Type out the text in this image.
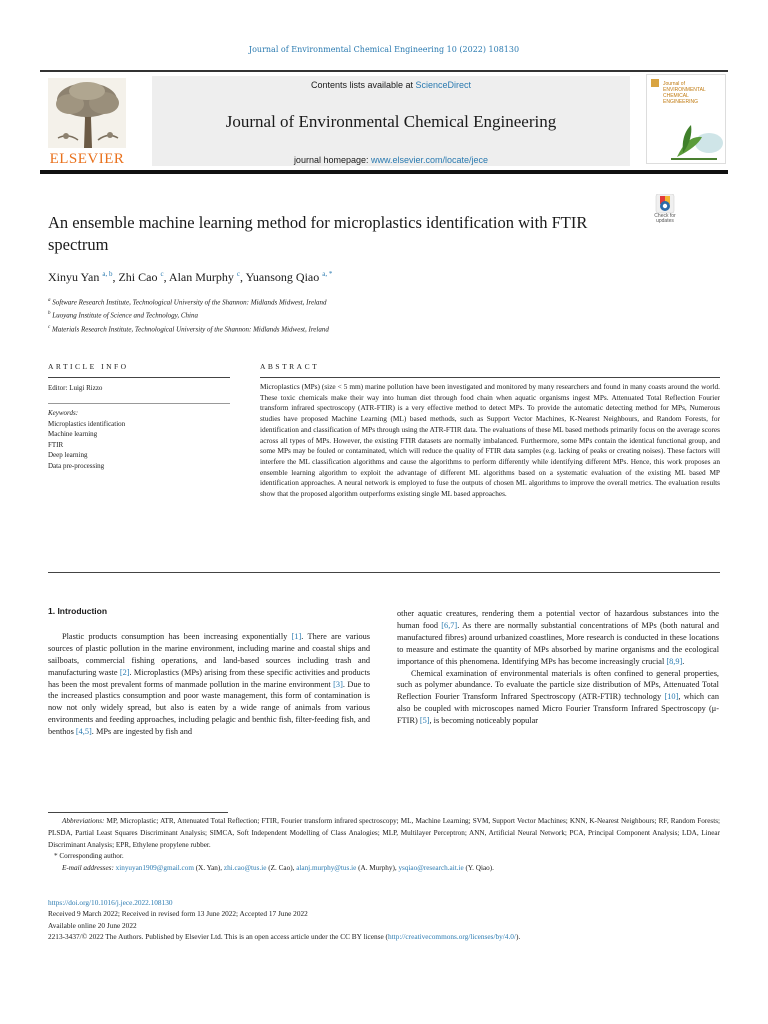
Journal of Environmental Chemical Engineering 10 (2022) 108130
ELSEVIER
Contents lists available at ScienceDirect
Journal of Environmental Chemical Engineering
journal homepage: www.elsevier.com/locate/jece
Journal of
ENVIRONMENTAL
CHEMICAL
ENGINEERING
An ensemble machine learning method for microplastics identification with FTIR spectrum
Check for
updates
Xinyu Yan $^{a, b}$, Zhi Cao $^c$, Alan Murphy $^c$, Yuansong Qiao $^{a, *}$
$^a$ Software Research Institute, Technological University of the Shannon: Midlands Midwest, Ireland
$^b$ Luoyang Institute of Science and Technology, China
$^c$ Materials Research Institute, Technological University of the Shannon: Midlands Midwest, Ireland
ARTICLE INFO
Editor: Luigi Rizzo
Keywords:
Microplastics identification
Machine learning
FTIR
Deep learning
Data pre-processing
ABSTRACT
Microplastics (MPs) (size < 5 mm) marine pollution have been investigated and monitored by many researchers and found in many coasts around the world. These toxic chemicals make their way into human diet through food chain when aquatic organisms ingest MPs. Attenuated Total Reflection Fourier transform infrared spectroscopy (ATR-FTIR) is a very effective method to detect MPs. To provide the automatic detecting method for MPs, Numerous studies have proposed Machine Learning (ML) based methods, such as Support Vector Machines, K-Nearest Neighbours, and Random Forests, for identification and classification of MPs through using the ATR-FTIR data. The evaluations of these ML based methods primarily focus on the average scores across all types of MPs. However, the existing FTIR datasets are normally imbalanced. Furthermore, some MPs contain the identical functional group, and some MPs may be fouled or contaminated, which will reduce the quality of FTIR data samples (e.g. lacking of peaks or creating noises). These factors will interfere the ML classification algorithms and cause the algorithms to perform differently while identifying different MPs. Hence, this work proposes an ensemble learning algorithm to exploit the advantage of different ML algorithms based on a systematic evaluation of the existing ML based MP identification approaches. A neural network is employed to fuse the outputs of chosen ML algorithms to improve the overall metrics. The evaluation results show that the proposed algorithm outperforms existing single ML based approaches.
1. Introduction

Plastic products consumption has been increasing exponentially [1]. There are various sources of plastic pollution in the marine environment, including marine and coastal ships and sailboats, commercial fishing operations, and land-based sources including trash and manufacturing waste [2]. Microplastics (MPs) arising from these specific activities and products has been the most prevalent forms of manmade pollution in the marine environment [3]. Due to the increased plastics consumption and poor waste management, this form of contamination is now not only widely spread, but also is eaten by a wide range of animals from various environments and feeding approaches, including pelagic and benthic fish, filter-feeding fish, and benthos [4,5]. MPs are ingested by fish and

other aquatic creatures, rendering them a potential vector of hazardous substances into the human food [6,7]. As there are normally substantial concentrations of MPs (both natural and manufactured fibres) around urbanized coastlines, More research is conducted in these locations to measure and estimate the quantity of MPs absorbed by marine organisms and the ecological importance of this phenomena. Identifying MPs has become increasingly crucial [8,9].

Chemical examination of environmental materials is often confined to general properties, such as polymer abundance. To evaluate the particle size distribution of MPs, Attenuated Total Reflection Fourier Transform Infrared Spectroscopy (ATR-FTIR) technology [10], which can also be coupled with microscopes named Micro Fourier Transform Infrared Spectroscopy (μ-FTIR) [5], is becoming noticeably popular

Abbreviations: MP, Microplastic; ATR, Attenuated Total Reflection; FTIR, Fourier transform infrared spectroscopy; ML, Machine Learning; SVM, Support Vector Machines; KNN, K-Nearest Neighbours; RF, Random Forests; PLSDA, Partial Least Squares Discriminant Analysis; SIMCA, Soft Independent Modelling of Class Analogies; MLP, Multilayer Perceptron; ANN, Artificial Neural Network; PCA, Principal Component Analysis; LDA, Linear Discriminant Analysis; EPR, Ethylene propylene rubber.
* Corresponding author.
E-mail addresses: xinyuyan1909@gmail.com (X. Yan), zhi.cao@tus.ie (Z. Cao), alanj.murphy@tus.ie (A. Murphy), ysqiao@research.ait.ie (Y. Qiao).
https://doi.org/10.1016/j.jece.2022.108130
Received 9 March 2022; Received in revised form 13 June 2022; Accepted 17 June 2022
Available online 20 June 2022
2213-3437/© 2022 The Authors. Published by Elsevier Ltd. This is an open access article under the CC BY license (http://creativecommons.org/licenses/by/4.0/).
